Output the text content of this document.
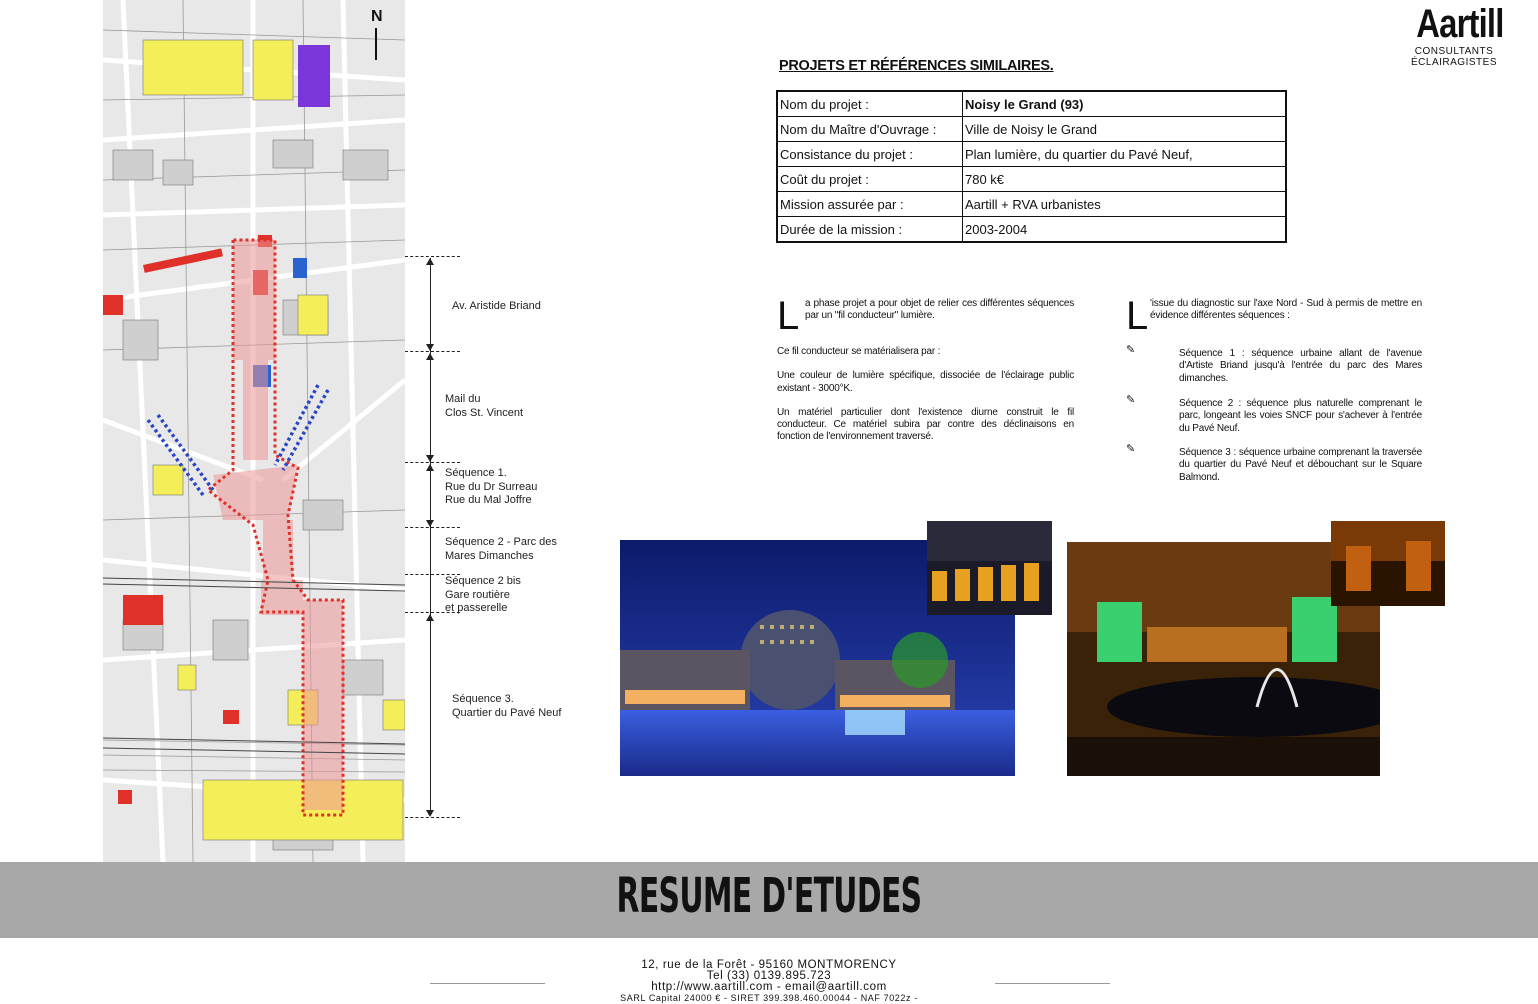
N
Av. Aristide Briand
Mail du
Clos St. Vincent
Séquence 1.
Rue du Dr Surreau
Rue du Mal Joffre
Séquence 2 - Parc des
Mares Dimanches
Séquence 2 bis
Gare routière
et passerelle
Séquence 3.
Quartier du Pavé Neuf
Aartill
CONSULTANTS
ÉCLAIRAGISTES
PROJETS ET RÉFÉRENCES SIMILAIRES.
Nom du projet :	Noisy le Grand (93)
Nom du Maître d'Ouvrage :	Ville de Noisy le Grand
Consistance du projet :	Plan lumière, du quartier du Pavé Neuf,
Coût du projet :	780 k€
Mission assurée par :	Aartill + RVA urbanistes
Durée de la mission :	2003-2004
L a phase projet a pour objet de relier ces différentes séquences par un "fil conducteur" lumière.

Ce fil conducteur se matérialisera par :

Une couleur de lumière spécifique, dissociée de l'éclairage public existant - 3000°K.

Un matériel particulier dont l'existence diurne construit le fil conducteur. Ce matériel subira par contre des déclinaisons en fonction de l'environnement traversé.

L 'issue du diagnostic sur l'axe Nord - Sud à permis de mettre en évidence différentes séquences :
✎	Séquence 1 : séquence urbaine allant de l'avenue d'Artiste Briand jusqu'à l'entrée du parc des Mares dimanches.
✎	Séquence 2 : séquence plus naturelle comprenant le parc, longeant les voies SNCF pour s'achever à l'entrée du Pavé Neuf.
✎	Séquence 3 : séquence urbaine comprenant la traversée du quartier du Pavé Neuf et débouchant sur le Square Balmond.
RESUME D'ETUDES
12, rue de la Forêt - 95160 MONTMORENCY
Tel (33) 0139.895.723
http://www.aartill.com - email@aartill.com
SARL Capital 24000 € - SIRET 399.398.460.00044 - NAF 7022z -
